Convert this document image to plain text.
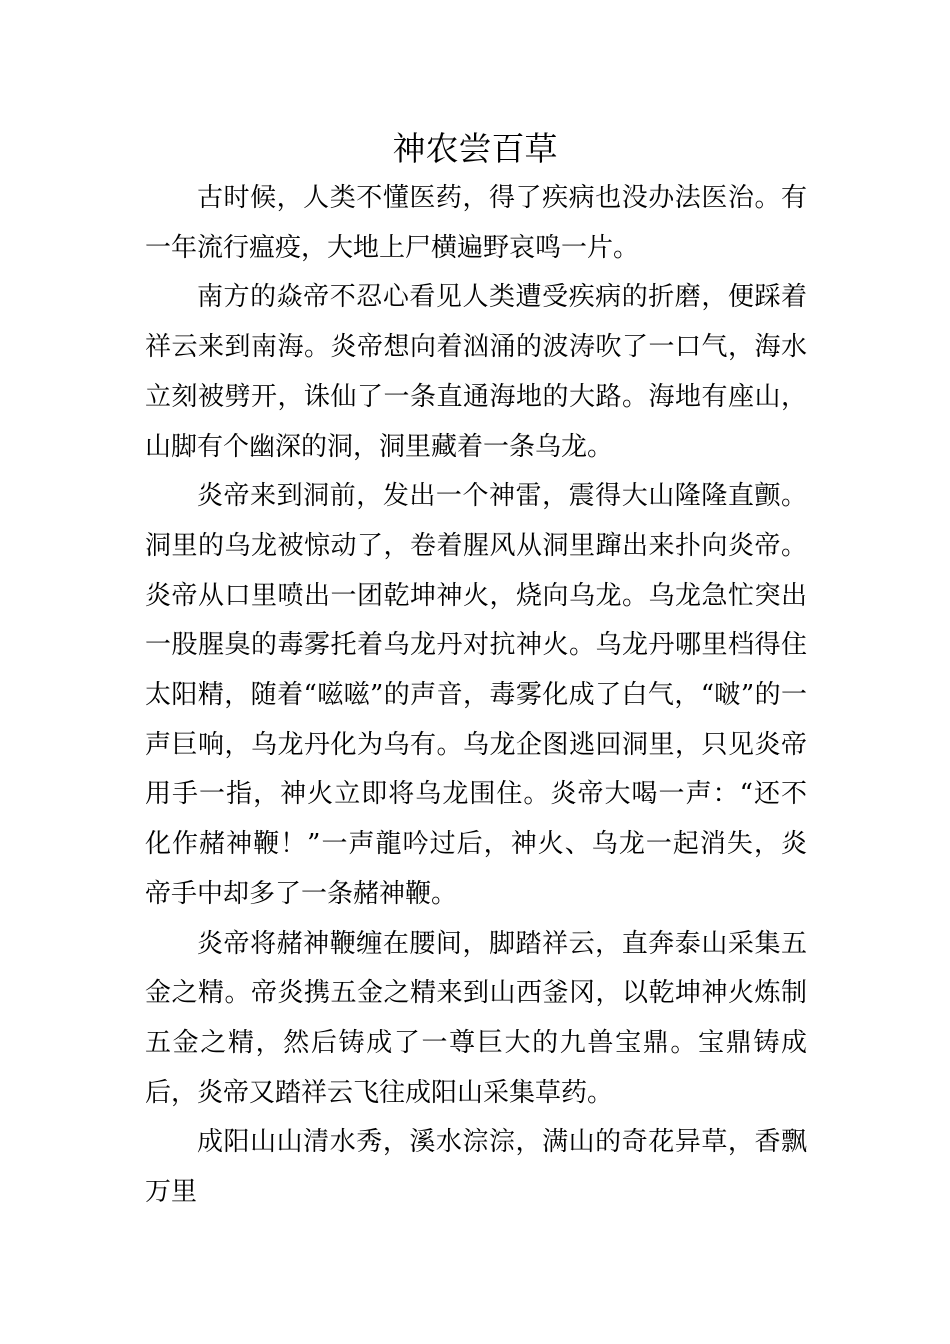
神农尝百草

古时候，人类不懂医药，得了疾病也没办法医治。有一年流行瘟疫，大地上尸横遍野哀鸣一片。

南方的焱帝不忍心看见人类遭受疾病的折磨，便踩着祥云来到南海。炎帝想向着汹涌的波涛吹了一口气，海水立刻被劈开，诛仙了一条直通海地的大路。海地有座山，山脚有个幽深的洞，洞里藏着一条乌龙。

炎帝来到洞前，发出一个神雷，震得大山隆隆直颤。洞里的乌龙被惊动了，卷着腥风从洞里蹿出来扑向炎帝。炎帝从口里喷出一团乾坤神火，烧向乌龙。乌龙急忙突出一股腥臭的毒雾托着乌龙丹对抗神火。乌龙丹哪里档得住太阳精，随着“嗞嗞”的声音，毒雾化成了白气，“啵”的一声巨响，乌龙丹化为乌有。乌龙企图逃回洞里，只见炎帝用手一指，神火立即将乌龙围住。炎帝大喝一声：“还不化作赭神鞭！”一声龍吟过后，神火、乌龙一起消失，炎帝手中却多了一条赭神鞭。

炎帝将赭神鞭缠在腰间，脚踏祥云，直奔泰山采集五金之精。帝炎携五金之精来到山西釜冈，以乾坤神火炼制五金之精，然后铸成了一尊巨大的九兽宝鼎。宝鼎铸成后，炎帝又踏祥云飞往成阳山采集草药。

成阳山山清水秀，溪水淙淙，满山的奇花异草，香飘万里
